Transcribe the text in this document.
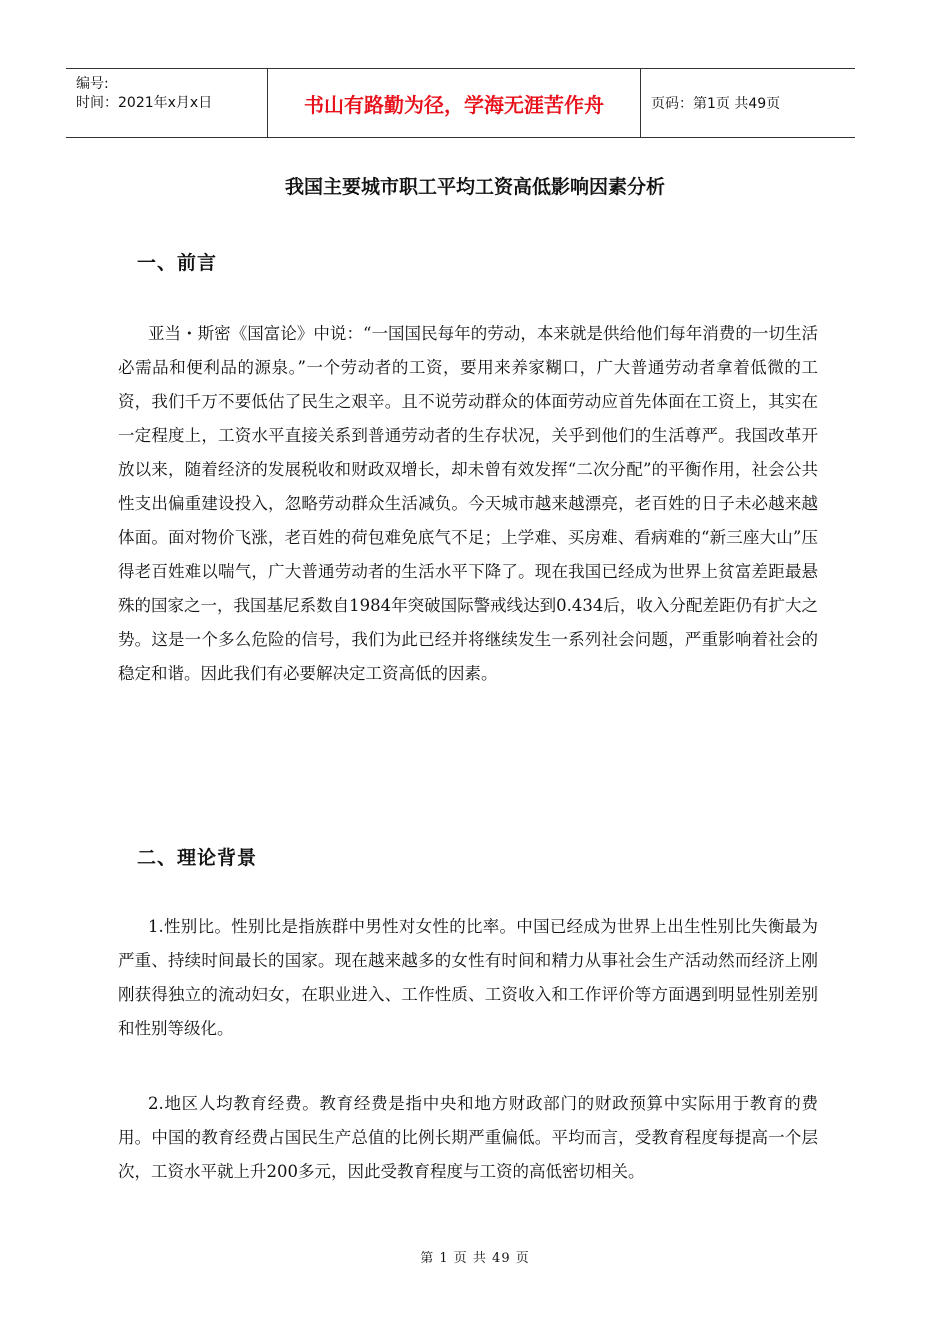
编号:
时间：2021年x月x日	书山有路勤为径，学海无涯苦作舟	页码：第1页 共49页
我国主要城市职工平均工资高低影响因素分析
一、前言

亚当・斯密《国富论》中说：“一国国民每年的劳动，本来就是供给他们每年消费的一切生活必需品和便利品的源泉。”一个劳动者的工资，要用来养家糊口，广大普通劳动者拿着低微的工资，我们千万不要低估了民生之艰辛。且不说劳动群众的体面劳动应首先体面在工资上，其实在一定程度上，工资水平直接关系到普通劳动者的生存状况，关乎到他们的生活尊严。我国改革开放以来，随着经济的发展税收和财政双增长，却未曾有效发挥“二次分配”的平衡作用，社会公共性支出偏重建设投入，忽略劳动群众生活减负。今天城市越来越漂亮，老百姓的日子未必越来越体面。面对物价飞涨，老百姓的荷包难免底气不足；上学难、买房难、看病难的“新三座大山”压得老百姓难以喘气，广大普通劳动者的生活水平下降了。现在我国已经成为世界上贫富差距最悬殊的国家之一，我国基尼系数自1984年突破国际警戒线达到0.434后，收入分配差距仍有扩大之势。这是一个多么危险的信号，我们为此已经并将继续发生一系列社会问题，严重影响着社会的稳定和谐。因此我们有必要解决定工资高低的因素。

二、理论背景

1.性别比。性别比是指族群中男性对女性的比率。中国已经成为世界上出生性别比失衡最为严重、持续时间最长的国家。现在越来越多的女性有时间和精力从事社会生产活动然而经济上刚刚获得独立的流动妇女，在职业进入、工作性质、工资收入和工作评价等方面遇到明显性别差别和性别等级化。

2.地区人均教育经费。教育经费是指中央和地方财政部门的财政预算中实际用于教育的费用。中国的教育经费占国民生产总值的比例长期严重偏低。平均而言，受教育程度每提高一个层次，工资水平就上升200多元，因此受教育程度与工资的高低密切相关。

第 1 页 共 49 页
